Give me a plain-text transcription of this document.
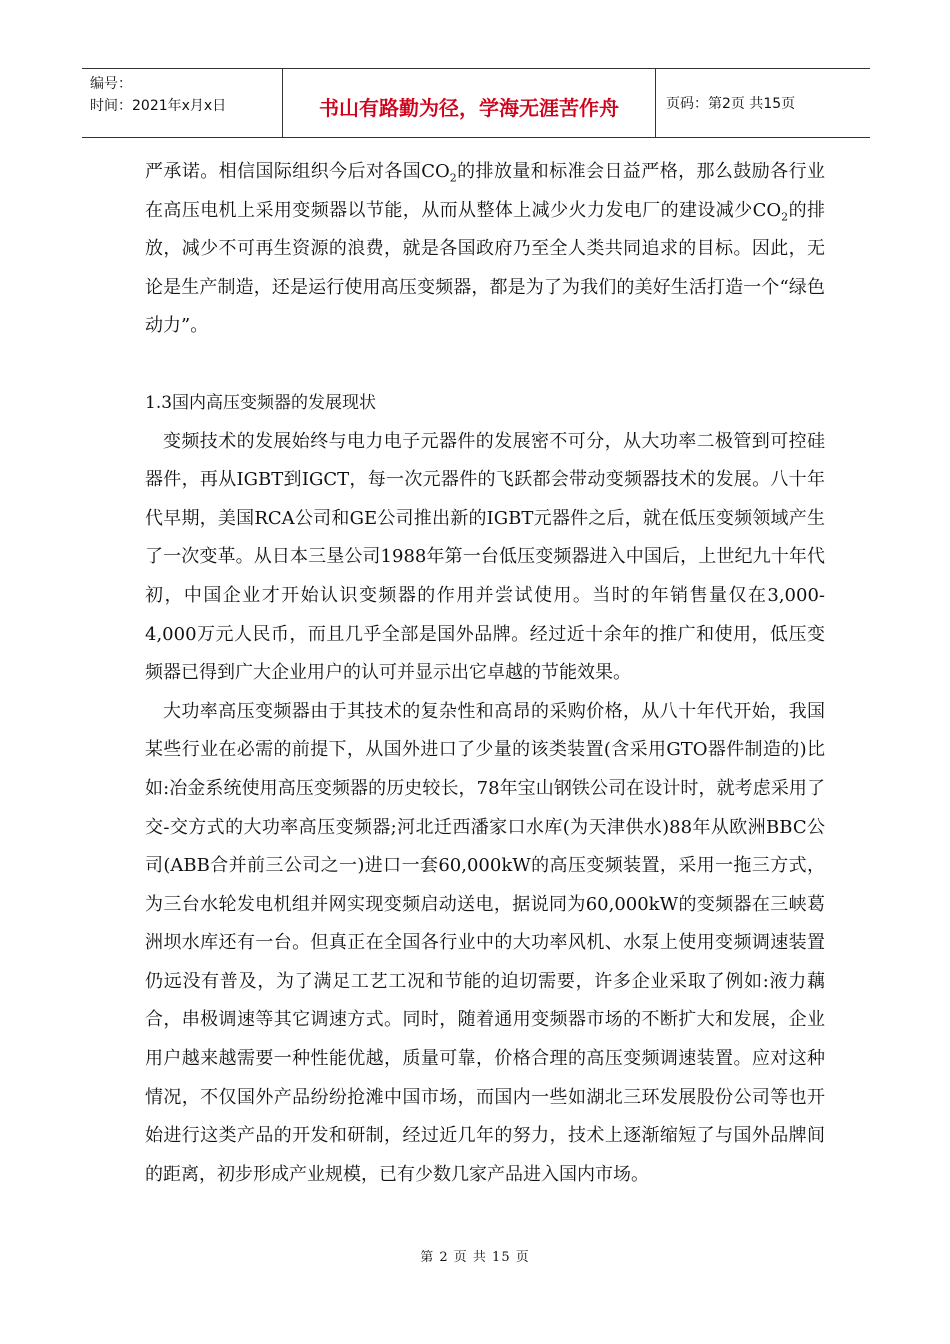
编号：
时间：2021年x月x日	书山有路勤为径，学海无涯苦作舟	页码：第2页 共15页

严承诺。相信国际组织今后对各国$CO_2$的排放量和标准会日益严格，那么鼓励各行业在高压电机上采用变频器以节能，从而从整体上减少火力发电厂的建设减少$CO_2$的排放，减少不可再生资源的浪费，就是各国政府乃至全人类共同追求的目标。因此，无论是生产制造，还是运行使用高压变频器，都是为了为我们的美好生活打造一个“绿色动力”。

1.3国内高压变频器的发展现状

变频技术的发展始终与电力电子元器件的发展密不可分，从大功率二极管到可控硅器件，再从IGBT到IGCT，每一次元器件的飞跃都会带动变频器技术的发展。八十年代早期，美国RCA公司和GE公司推出新的IGBT元器件之后，就在低压变频领域产生了一次变革。从日本三垦公司1988年第一台低压变频器进入中国后，上世纪九十年代初，中国企业才开始认识变频器的作用并尝试使用。当时的年销售量仅在3,000-4,000万元人民币，而且几乎全部是国外品牌。经过近十余年的推广和使用，低压变频器已得到广大企业用户的认可并显示出它卓越的节能效果。

大功率高压变频器由于其技术的复杂性和高昂的采购价格，从八十年代开始，我国某些行业在必需的前提下，从国外进口了少量的该类装置(含采用GTO器件制造的)比如:冶金系统使用高压变频器的历史较长，78年宝山钢铁公司在设计时，就考虑采用了交-交方式的大功率高压变频器;河北迁西潘家口水库(为天津供水)88年从欧洲BBC公司(ABB合并前三公司之一)进口一套60,000kW的高压变频装置，采用一拖三方式，为三台水轮发电机组并网实现变频启动送电，据说同为60,000kW的变频器在三峡葛洲坝水库还有一台。但真正在全国各行业中的大功率风机、水泵上使用变频调速装置仍远没有普及，为了满足工艺工况和节能的迫切需要，许多企业采取了例如:液力藕合，串极调速等其它调速方式。同时，随着通用变频器市场的不断扩大和发展，企业用户越来越需要一种性能优越，质量可靠，价格合理的高压变频调速装置。应对这种情况，不仅国外产品纷纷抢滩中国市场，而国内一些如湖北三环发展股份公司等也开始进行这类产品的开发和研制，经过近几年的努力，技术上逐渐缩短了与国外品牌间的距离，初步形成产业规模，已有少数几家产品进入国内市场。

第 2 页 共 15 页
